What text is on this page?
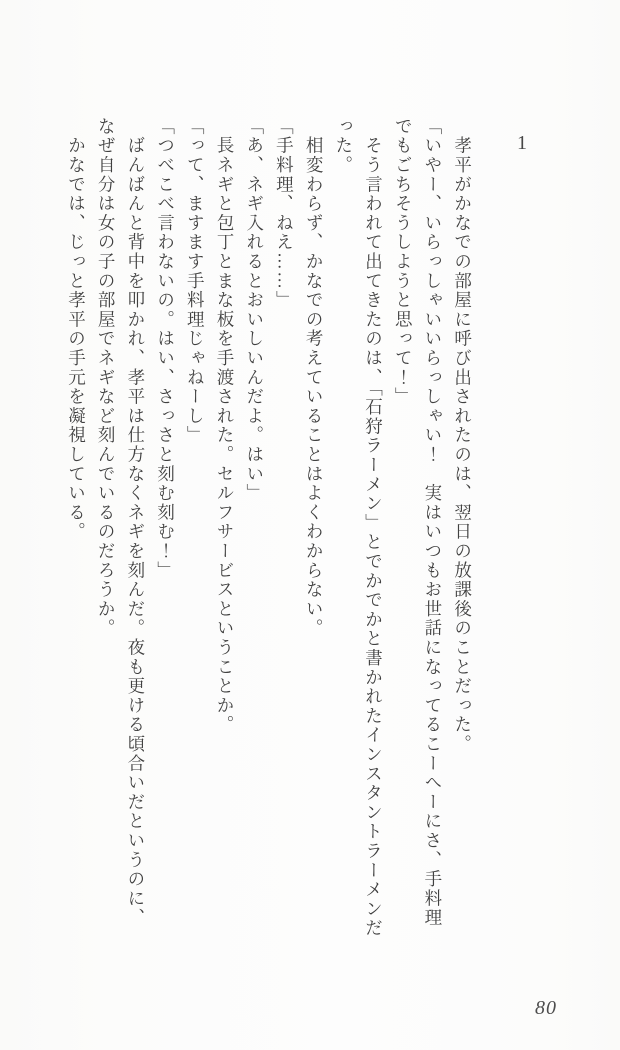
1

　孝平がかなでの部屋に呼び出されたのは、翌日の放課後のことだった。

「いやー、いらっしゃいいらっしゃい！　実はいつもお世話になってるこーへーにさ、手料理

でもごちそうしようと思って！」

　そう言われて出てきたのは、「石狩ラーメン」とでかでかと書かれたインスタントラーメンだ

った。

　相変わらず、かなでの考えていることはよくわからない。

「手料理、ねえ……」

「あ、ネギ入れるとおいしいんだよ。はい」

　長ネギと包丁とまな板を手渡された。セルフサービスということか。

「って、ますます手料理じゃねーし」

「つべこべ言わないの。はい、さっさと刻む刻む！」

　ばんばんと背中を叩かれ、孝平は仕方なくネギを刻んだ。夜も更ける頃合いだというのに、

なぜ自分は女の子の部屋でネギなど刻んでいるのだろうか。

　かなでは、じっと孝平の手元を凝視している。

80
